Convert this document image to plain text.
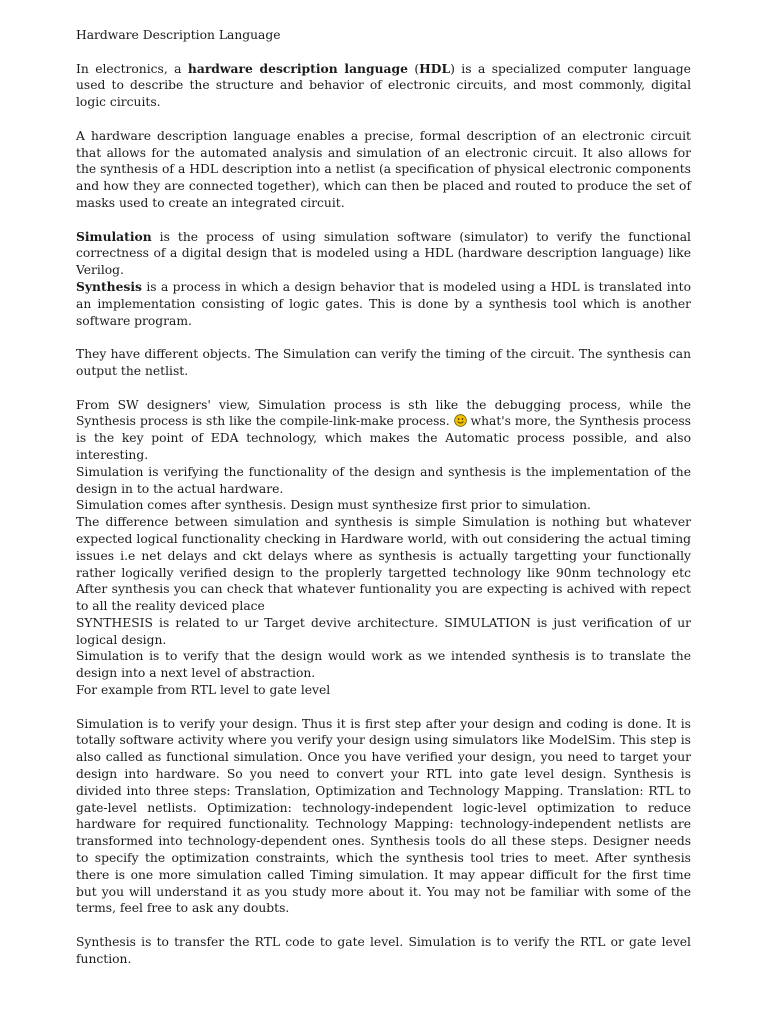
Hardware Description Language

In electronics, a hardware description language (HDL) is a specialized computer language used to describe the structure and behavior of electronic circuits, and most commonly, digital logic circuits.

A hardware description language enables a precise, formal description of an electronic circuit that allows for the automated analysis and simulation of an electronic circuit. It also allows for the synthesis of a HDL description into a netlist (a specification of physical electronic components and how they are connected together), which can then be placed and routed to produce the set of masks used to create an integrated circuit.

Simulation is the process of using simulation software (simulator) to verify the functional correctness of a digital design that is modeled using a HDL (hardware description language) like Verilog.

Synthesis is a process in which a design behavior that is modeled using a HDL is translated into an implementation consisting of logic gates. This is done by a synthesis tool which is another software program.

They have different objects. The Simulation can verify the timing of the circuit. The synthesis can output the netlist.

From SW designers' view, Simulation process is sth like the debugging process, while the Synthesis process is sth like the compile-link-make process.  what's more, the Synthesis process is the key point of EDA technology, which makes the Automatic process possible, and also interesting.

Simulation is verifying the functionality of the design and synthesis is the implementation of the design in to the actual hardware.

Simulation comes after synthesis. Design must synthesize first prior to simulation.

The difference between simulation and synthesis is simple Simulation is nothing but whatever expected logical functionality checking in Hardware world, with out considering the actual timing issues i.e net delays and ckt delays where as synthesis is actually targetting your functionally rather logically verified design to the proplerly targetted technology like 90nm technology etc After synthesis you can check that whatever funtionality you are expecting is achived with repect to all the reality deviced place

SYNTHESIS is related to ur Target devive architecture. SIMULATION is just verification of ur logical design.

Simulation is to verify that the design would work as we intended synthesis is to translate the design into a next level of abstraction.

For example from RTL level to gate level

Simulation is to verify your design. Thus it is first step after your design and coding is done. It is totally software activity where you verify your design using simulators like ModelSim. This step is also called as functional simulation. Once you have verified your design, you need to target your design into hardware. So you need to convert your RTL into gate level design. Synthesis is divided into three steps: Translation, Optimization and Technology Mapping. Translation: RTL to gate-level netlists. Optimization: technology-independent logic-level optimization to reduce hardware for required functionality. Technology Mapping: technology-independent netlists are transformed into technology-dependent ones. Synthesis tools do all these steps. Designer needs to specify the optimization constraints, which the synthesis tool tries to meet. After synthesis there is one more simulation called Timing simulation. It may appear difficult for the first time but you will understand it as you study more about it. You may not be familiar with some of the terms, feel free to ask any doubts.

Synthesis is to transfer the RTL code to gate level. Simulation is to verify the RTL or gate level function.
